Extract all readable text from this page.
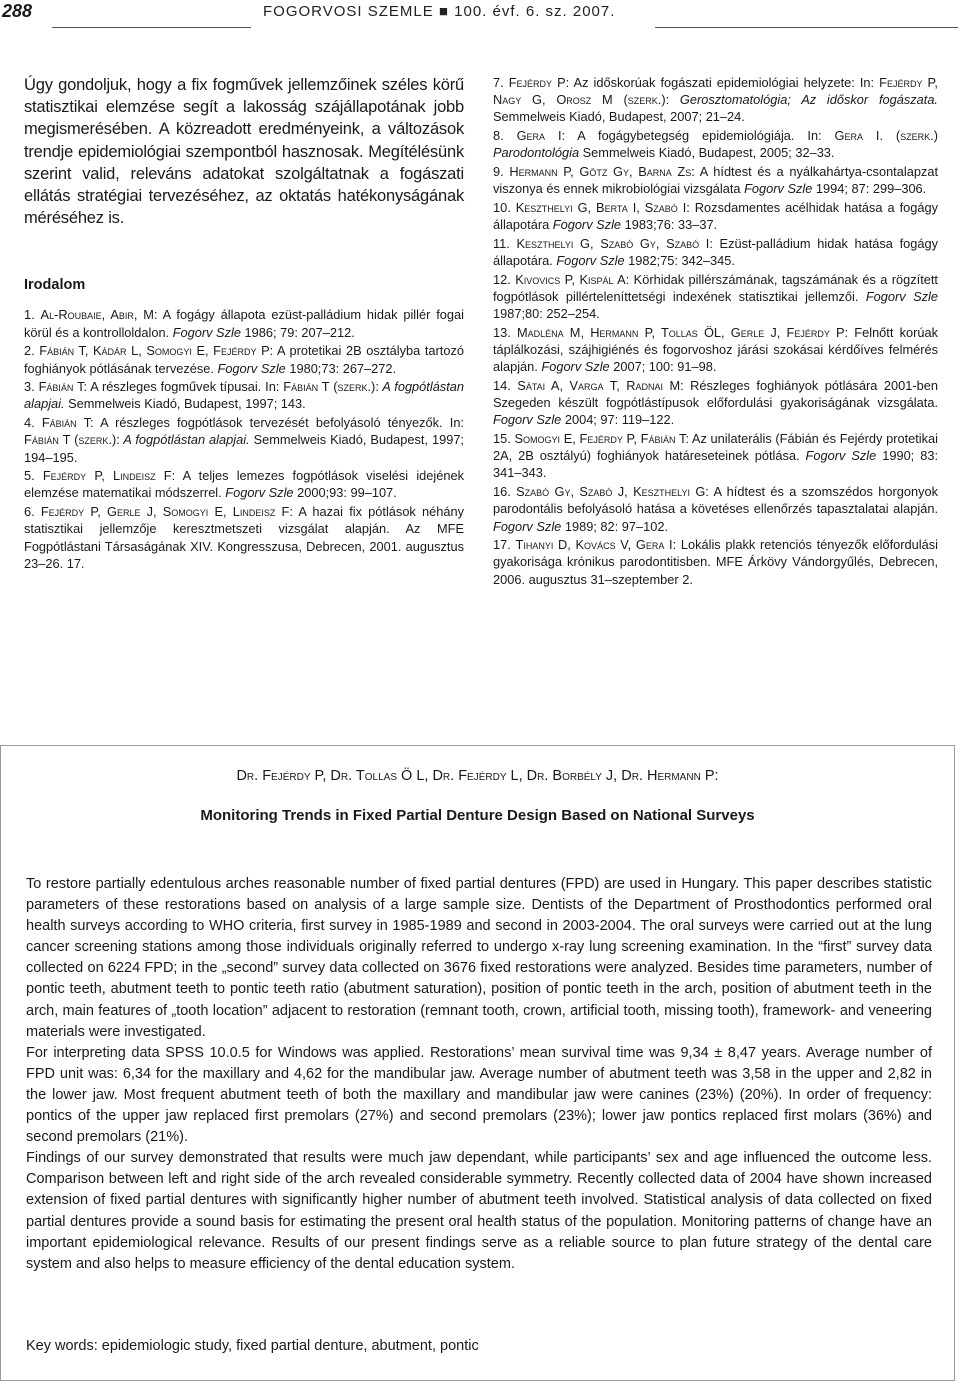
288	FOGORVOSI SZEMLE ■ 100. évf. 6. sz. 2007.

Úgy gondoljuk, hogy a fix fogművek jellemzőinek széles körű statisztikai elemzése segít a lakosság szájállapotának jobb megismerésében. A közreadott eredményeink, a változások trendje epidemiológiai szempontból hasznosak. Megítélésünk szerint valid, releváns adatokat szolgáltatnak a fogászati ellátás stratégiai tervezéséhez, az oktatás hatékonyságának méréséhez is.

Irodalom

1. Al-Roubaie, Abir, M: A fogágy állapota ezüst-palládium hidak pillér fogai körül és a kontrolloldalon. Fogorv Szle 1986; 79: 207–212.

2. Fábián T, Kádár L, Somogyi E, Fejérdy P: A protetikai 2B osztályba tartozó foghiányok pótlásának tervezése. Fogorv Szle 1980;73: 267–272.

3. Fábián T: A részleges fogművek típusai. In: Fábián T (szerk.): A fogpótlástan alapjai. Semmelweis Kiadó, Budapest, 1997; 143.

4. Fábián T: A részleges fogpótlások tervezését befolyásoló tényezők. In: Fábián T (szerk.): A fogpótlástan alapjai. Semmelweis Kiadó, Budapest, 1997; 194–195.

5. Fejérdy P, Lindeisz F: A teljes lemezes fogpótlások viselési idejének elemzése matematikai módszerrel. Fogorv Szle 2000;93: 99–107.

6. Fejérdy P, Gerle J, Somogyi E, Lindeisz F: A hazai fix pótlások néhány statisztikai jellemzője keresztmetszeti vizsgálat alapján. Az MFE Fogpótlástani Társaságának XIV. Kongresszusa, Debrecen, 2001. augusztus 23–26. 17.

7. Fejérdy P: Az időskorúak fogászati epidemiológiai helyzete: In: Fejérdy P, Nagy G, Orosz M (szerk.): Gerosztomatológia; Az időskor fogászata. Semmelweis Kiadó, Budapest, 2007; 21–24.

8. Gera I: A fogágybetegség epidemiológiája. In: Gera I. (szerk.) Parodontológia Semmelweis Kiadó, Budapest, 2005; 32–33.

9. Hermann P, Götz Gy, Barna Zs: A hídtest és a nyálkahártya-csontalapzat viszonya és ennek mikrobiológiai vizsgálata Fogorv Szle 1994; 87: 299–306.

10. Keszthelyi G, Berta I, Szabó I: Rozsdamentes acélhidak hatása a fogágy állapotára Fogorv Szle 1983;76: 33–37.

11. Keszthelyi G, Szabó Gy, Szabó I: Ezüst-palládium hidak hatása fogágy állapotára. Fogorv Szle 1982;75: 342–345.

12. Kivovics P, Kispál A: Körhidak pillérszámának, tagszámának és a rögzített fogpótlások pillérteleníttetségi indexének statisztikai jellemzői. Fogorv Szle 1987;80: 252–254.

13. Madléna M, Hermann P, Tollas ÖL, Gerle J, Fejérdy P: Felnőtt korúak táplálkozási, szájhigiénés és fogorvoshoz járási szokásai kérdőíves felmérés alapján. Fogorv Szle 2007; 100: 91–98.

14. Sátai A, Varga T, Radnai M: Részleges foghiányok pótlására 2001-ben Szegeden készült fogpótlástípusok előfordulási gyakoriságának vizsgálata. Fogorv Szle 2004; 97: 119–122.

15. Somogyi E, Fejérdy P, Fábián T: Az unilaterális (Fábián és Fejérdy protetikai 2A, 2B osztályú) foghiányok határeseteinek pótlása. Fogorv Szle 1990; 83: 341–343.

16. Szabó Gy, Szabó J, Keszthelyi G: A hídtest és a szomszédos horgonyok parodontális befolyásoló hatása a követéses ellenőrzés tapasztalatai alapján. Fogorv Szle 1989; 82: 97–102.

17. Tihanyi D, Kovács V, Gera I: Lokális plakk retenciós tényezők előfordulási gyakorisága krónikus parodontitisben. MFE Árkövy Vándorgyűlés, Debrecen, 2006. augusztus 31–szeptember 2.

Dr. Fejérdy P, Dr. Tollas Ö L, Dr. Fejérdy L, Dr. Borbély J, Dr. Hermann P:
Monitoring Trends in Fixed Partial Denture Design Based on National Surveys

To restore partially edentulous arches reasonable number of fixed partial dentures (FPD) are used in Hungary. This paper describes statistic parameters of these restorations based on analysis of a large sample size. Dentists of the Department of Prosthodontics performed oral health surveys according to WHO criteria, first survey in 1985-1989 and second in 2003-2004. The oral surveys were carried out at the lung cancer screening stations among those individuals originally referred to undergo x-ray lung screening examination. In the “first” survey data collected on 6224 FPD; in the „second” survey data collected on 3676 fixed restorations were analyzed. Besides time parameters, number of pontic teeth, abutment teeth to pontic teeth ratio (abutment saturation), position of pontic teeth in the arch, position of abutment teeth in the arch, main features of „tooth location” adjacent to restoration (remnant tooth, crown, artificial tooth, missing tooth), framework- and veneering materials were investigated.

For interpreting data SPSS 10.0.5 for Windows was applied. Restorations’ mean survival time was 9,34 ± 8,47 years. Average number of FPD unit was: 6,34 for the maxillary and 4,62 for the mandibular jaw. Average number of abutment teeth was 3,58 in the upper and 2,82 in the lower jaw. Most frequent abutment teeth of both the maxillary and mandibular jaw were canines (23%) (20%). In order of frequency: pontics of the upper jaw replaced first premolars (27%) and second premolars (23%); lower jaw pontics replaced first molars (36%) and second premolars (21%).

Findings of our survey demonstrated that results were much jaw dependant, while participants’ sex and age influenced the outcome less. Comparison between left and right side of the arch revealed considerable symmetry. Recently collected data of 2004 have shown increased extension of fixed partial dentures with significantly higher number of abutment teeth involved. Statistical analysis of data collected on fixed partial dentures provide a sound basis for estimating the present oral health status of the population. Monitoring patterns of change have an important epidemiological relevance. Results of our present findings serve as a reliable source to plan future strategy of the dental care system and also helps to measure efficiency of the dental education system.

Key words: epidemiologic study, fixed partial denture, abutment, pontic
